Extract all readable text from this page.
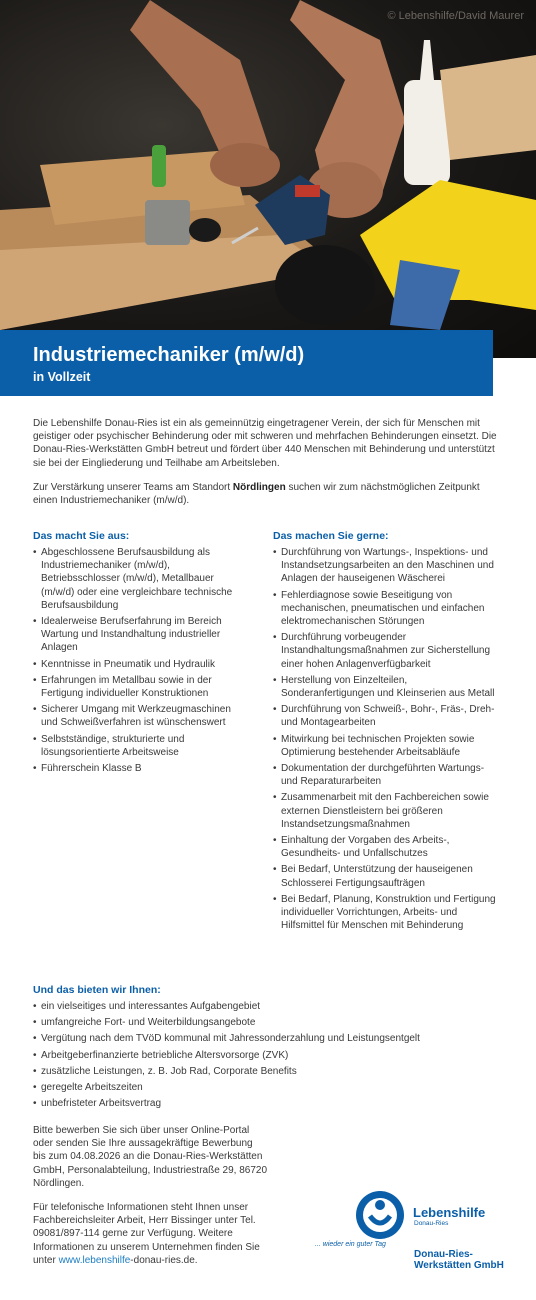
© Lebenshilfe/David Maurer
Industriemechaniker (m/w/d)
in Vollzeit

Die Lebenshilfe Donau-Ries ist ein als gemeinnützig eingetragener Verein, der sich für Menschen mit geistiger oder psychischer Behinderung oder mit schweren und mehrfachen Behinderungen einsetzt. Die Donau-Ries-Werkstätten GmbH betreut und fördert über 440 Menschen mit Behinderung und unterstützt sie bei der Eingliederung und Teilhabe am Arbeitsleben.

Zur Verstärkung unserer Teams am Standort Nördlingen suchen wir zum nächstmöglichen Zeitpunkt einen Industriemechaniker (m/w/d).

Das macht Sie aus:
• Abgeschlossene Berufsausbildung als Industriemechaniker (m/w/d), Betriebsschlosser (m/w/d), Metallbauer (m/w/d) oder eine vergleichbare technische Berufsausbildung
• Idealerweise Berufserfahrung im Bereich Wartung und Instandhaltung industrieller Anlagen
• Kenntnisse in Pneumatik und Hydraulik
• Erfahrungen im Metallbau sowie in der Fertigung individueller Konstruktionen
• Sicherer Umgang mit Werkzeugmaschinen und Schweißverfahren ist wünschenswert
• Selbstständige, strukturierte und lösungsorientierte Arbeitsweise
• Führerschein Klasse B
Das machen Sie gerne:
• Durchführung von Wartungs-, Inspektions- und Instandsetzungsarbeiten an den Maschinen und Anlagen der hauseigenen Wäscherei
• Fehlerdiagnose sowie Beseitigung von mechanischen, pneumatischen und einfachen elektromechanischen Störungen
• Durchführung vorbeugender Instandhaltungsmaßnahmen zur Sicherstellung einer hohen Anlagenverfügbarkeit
• Herstellung von Einzelteilen, Sonderanfertigungen und Kleinserien aus Metall
• Durchführung von Schweiß-, Bohr-, Fräs-, Dreh- und Montagearbeiten
• Mitwirkung bei technischen Projekten sowie Optimierung bestehender Arbeitsabläufe
• Dokumentation der durchgeführten Wartungs- und Reparaturarbeiten
• Zusammenarbeit mit den Fachbereichen sowie externen Dienstleistern bei größeren Instandsetzungsmaßnahmen
• Einhaltung der Vorgaben des Arbeits-, Gesundheits- und Unfallschutzes
• Bei Bedarf, Unterstützung der hauseigenen Schlosserei Fertigungsaufträgen
• Bei Bedarf, Planung, Konstruktion und Fertigung individueller Vorrichtungen, Arbeits- und Hilfsmittel für Menschen mit Behinderung
Und das bieten wir Ihnen:
• ein vielseitiges und interessantes Aufgabengebiet
• umfangreiche Fort- und Weiterbildungsangebote
• Vergütung nach dem TVöD kommunal mit Jahressonderzahlung und Leistungsentgelt
• Arbeitgeberfinanzierte betriebliche Altersvorsorge (ZVK)
• zusätzliche Leistungen, z. B. Job Rad, Corporate Benefits
• geregelte Arbeitszeiten
• unbefristeter Arbeitsvertrag

Bitte bewerben Sie sich über unser Online-Portal oder senden Sie Ihre aussagekräftige Bewerbung bis zum 04.08.2026 an die Donau-Ries-Werkstätten GmbH, Personalabteilung, Industriestraße 29, 86720 Nördlingen.

Für telefonische Informationen steht Ihnen unser Fachbereichsleiter Arbeit, Herr Bissinger unter Tel. 09081/897-114 gerne zur Verfügung. Weitere Informationen zu unserem Unternehmen finden Sie unter www.lebenshilfe-donau-ries.de.

Lebenshilfe
Donau-Ries
... wieder ein guter Tag
Donau-Ries-Werkstätten GmbH
